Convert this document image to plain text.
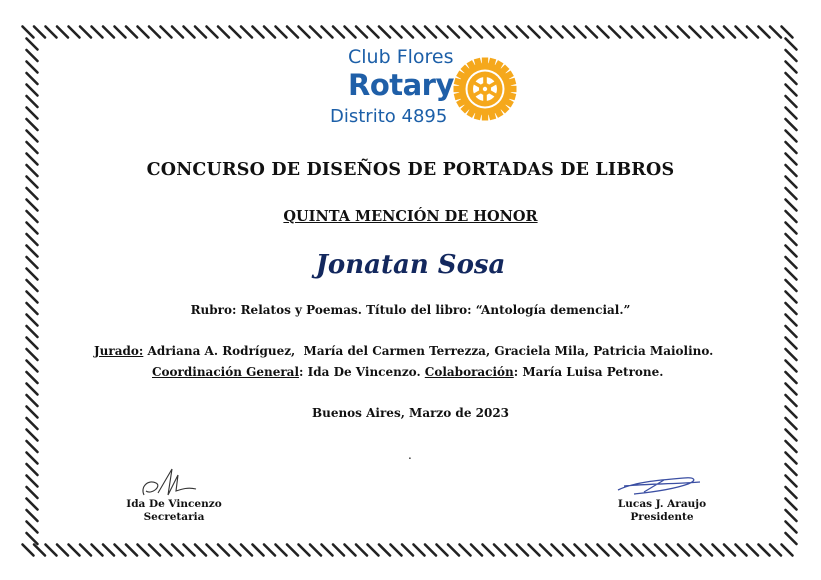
Club Flores
Rotary
Distrito 4895
CONCURSO DE DISEÑOS DE PORTADAS DE LIBROS
QUINTA MENCIÓN DE HONOR
Jonatan Sosa
Rubro: Relatos y Poemas. Título del libro: “Antología demencial.”
Jurado: Adriana A. Rodríguez,  María del Carmen Terrezza, Graciela Mila, Patricia Maiolino.
Coordinación General: Ida De Vincenzo. Colaboración: María Luisa Petrone.
Buenos Aires, Marzo de 2023
.
Ida De Vincenzo
Secretaria
Lucas J. Araujo
Presidente
